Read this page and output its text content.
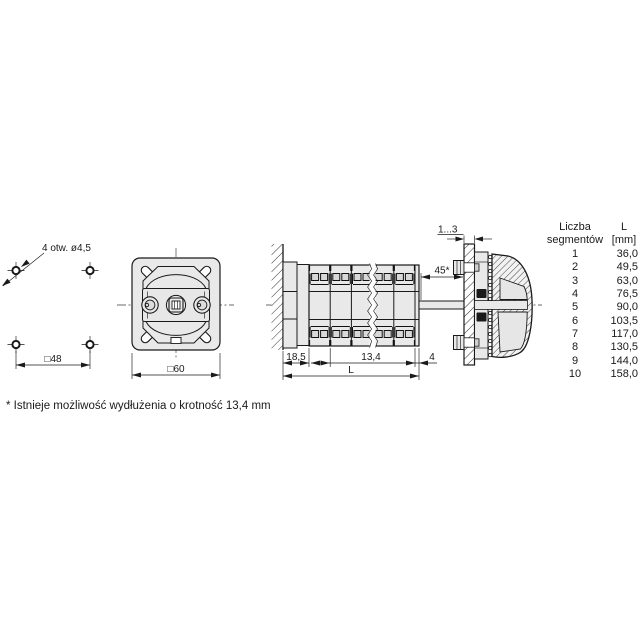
4 otw. ø4,5
□48
□60
18,5	13,4	4
L
45*
1...3	Liczba	L
segmentów [mm]
1	36,0
2	49,5
3	63,0
4	76,5
5	90,0
6	103,5
7	117,0
8	130,5
9	144,0
10	158,0
* Istnieje możliwość wydłużenia o krotność 13,4 mm
